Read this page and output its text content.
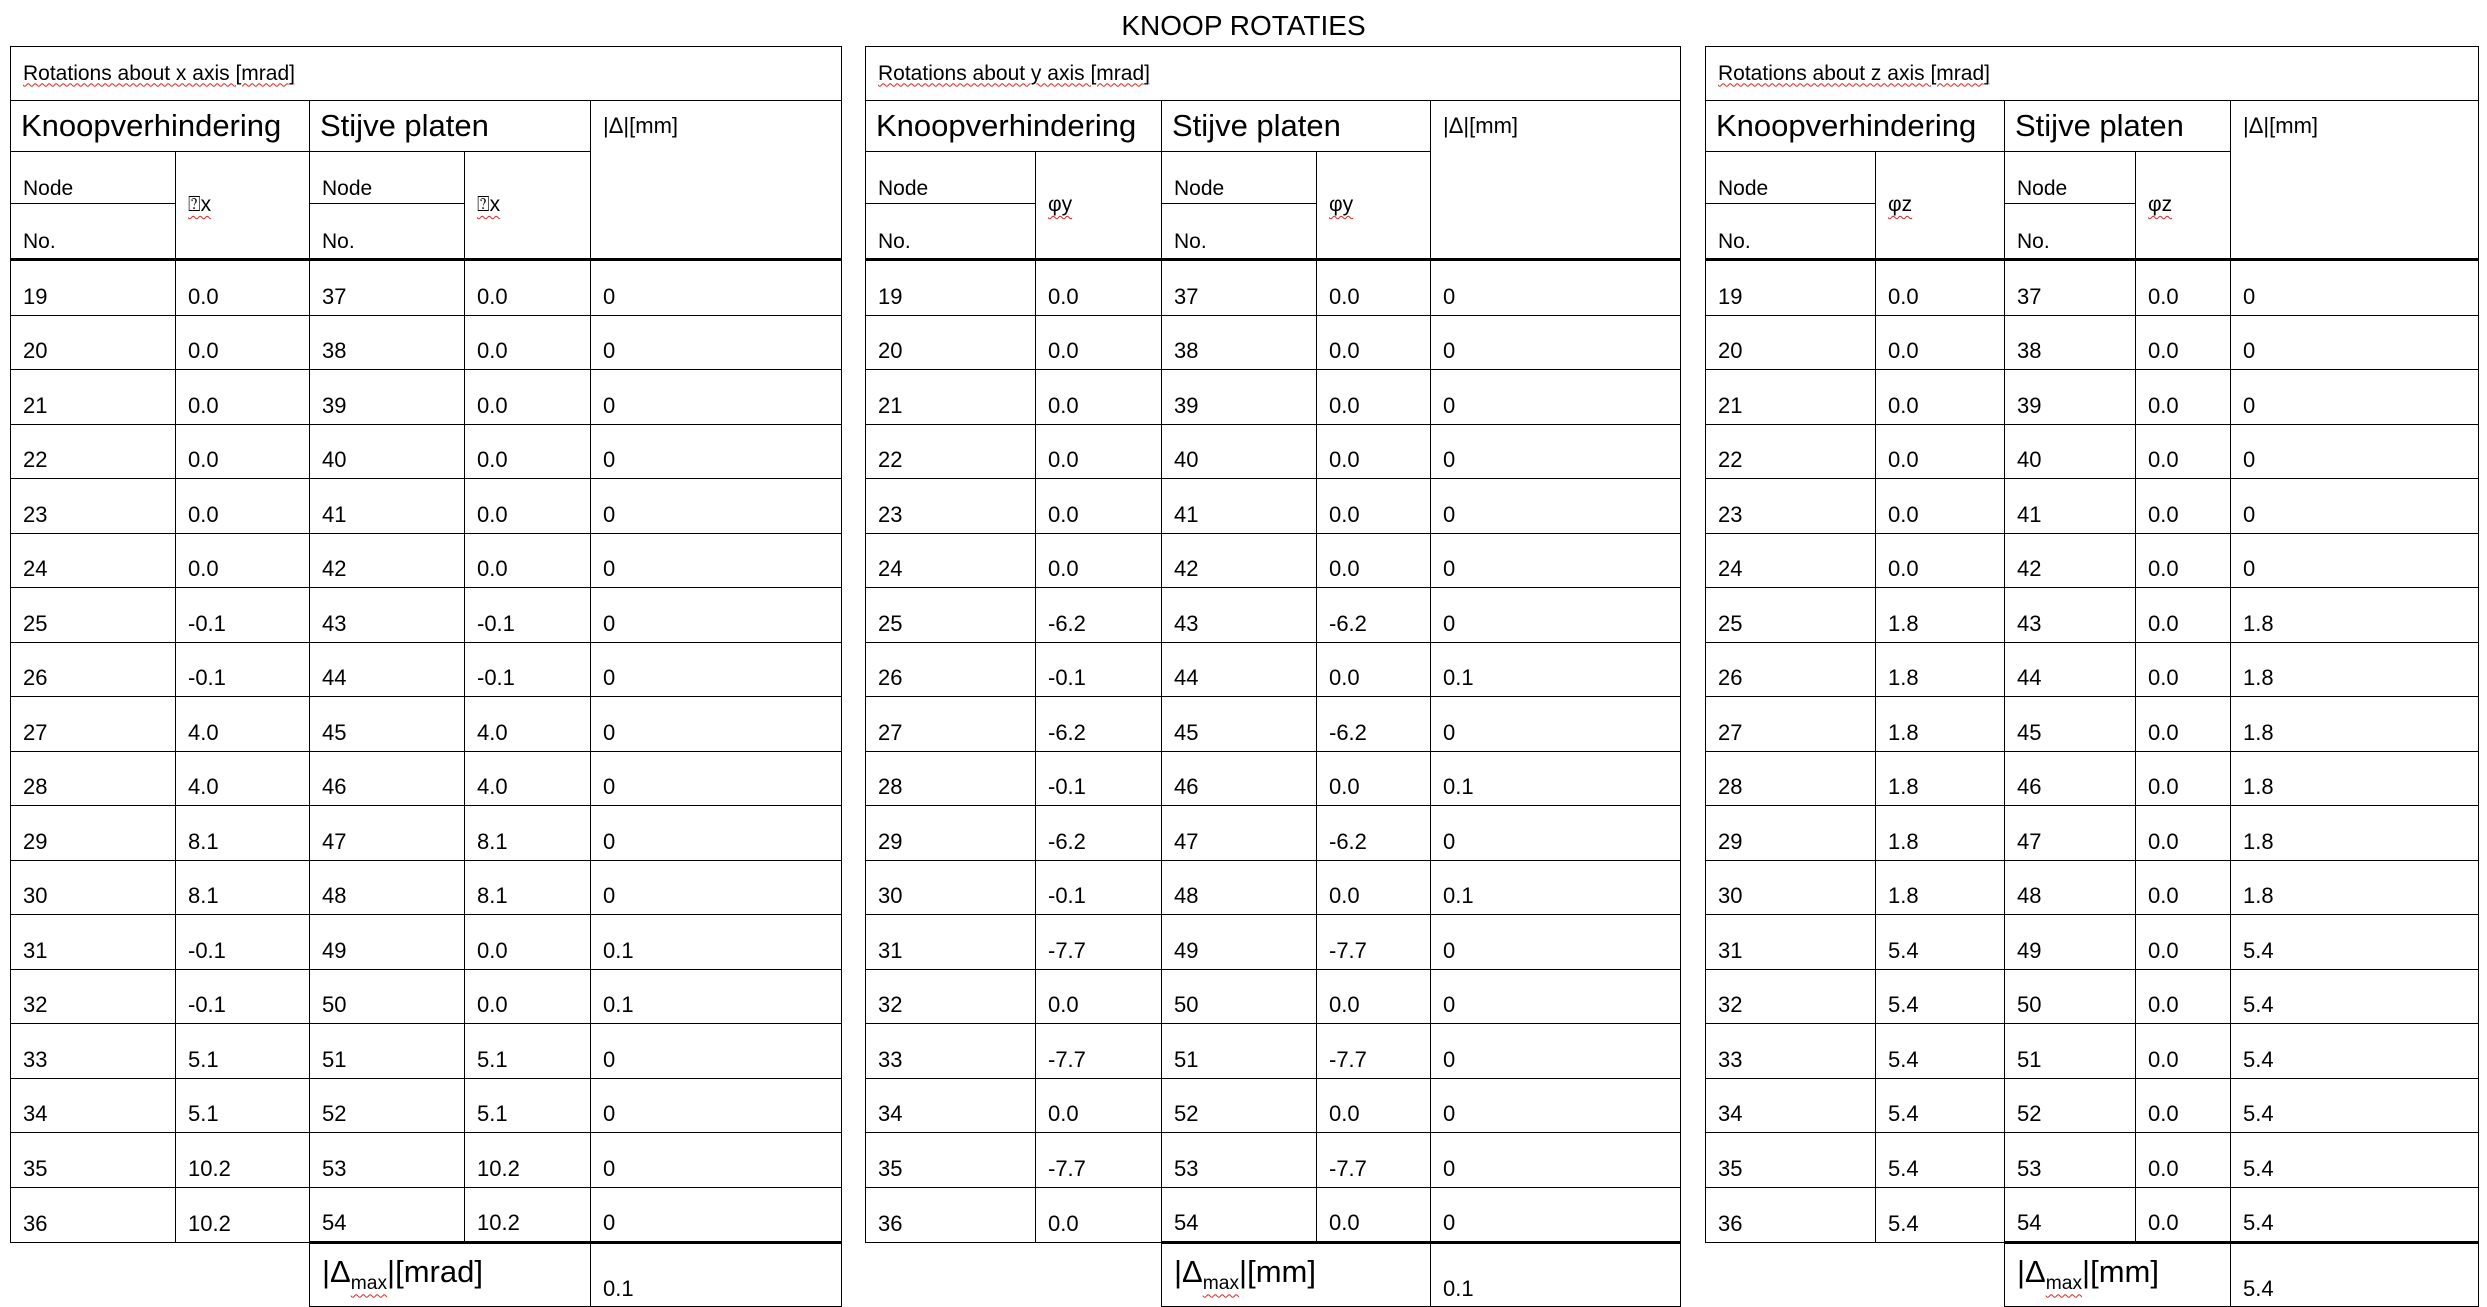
KNOOP ROTATIES
Rotations about x axis [mrad]				
Knoopverhindering		Stijve platen		|Δ|[mm]
Node	⍰x	Node	⍰x	
No.		No.		
19	0.0	37	0.0	0
20	0.0	38	0.0	0
21	0.0	39	0.0	0
22	0.0	40	0.0	0
23	0.0	41	0.0	0
24	0.0	42	0.0	0
25	-0.1	43	-0.1	0
26	-0.1	44	-0.1	0
27	4.0	45	4.0	0
28	4.0	46	4.0	0
29	8.1	47	8.1	0
30	8.1	48	8.1	0
31	-0.1	49	0.0	0.1
32	-0.1	50	0.0	0.1
33	5.1	51	5.1	0
34	5.1	52	5.1	0
35	10.2	53	10.2	0
36	10.2	54	10.2	0
		$|\Delta_{max}|[mrad]$		0.1
Rotations about y axis [mrad]				
Knoopverhindering		Stijve platen		|Δ|[mm]
Node	φy	Node	φy	
No.		No.		
19	0.0	37	0.0	0
20	0.0	38	0.0	0
21	0.0	39	0.0	0
22	0.0	40	0.0	0
23	0.0	41	0.0	0
24	0.0	42	0.0	0
25	-6.2	43	-6.2	0
26	-0.1	44	0.0	0.1
27	-6.2	45	-6.2	0
28	-0.1	46	0.0	0.1
29	-6.2	47	-6.2	0
30	-0.1	48	0.0	0.1
31	-7.7	49	-7.7	0
32	0.0	50	0.0	0
33	-7.7	51	-7.7	0
34	0.0	52	0.0	0
35	-7.7	53	-7.7	0
36	0.0	54	0.0	0
		$|\Delta_{max}|[mm]$		0.1
Rotations about z axis [mrad]				
Knoopverhindering		Stijve platen		|Δ|[mm]
Node	φz	Node	φz	
No.		No.		
19	0.0	37	0.0	0
20	0.0	38	0.0	0
21	0.0	39	0.0	0
22	0.0	40	0.0	0
23	0.0	41	0.0	0
24	0.0	42	0.0	0
25	1.8	43	0.0	1.8
26	1.8	44	0.0	1.8
27	1.8	45	0.0	1.8
28	1.8	46	0.0	1.8
29	1.8	47	0.0	1.8
30	1.8	48	0.0	1.8
31	5.4	49	0.0	5.4
32	5.4	50	0.0	5.4
33	5.4	51	0.0	5.4
34	5.4	52	0.0	5.4
35	5.4	53	0.0	5.4
36	5.4	54	0.0	5.4
		$|\Delta_{max}|[mm]$		5.4
